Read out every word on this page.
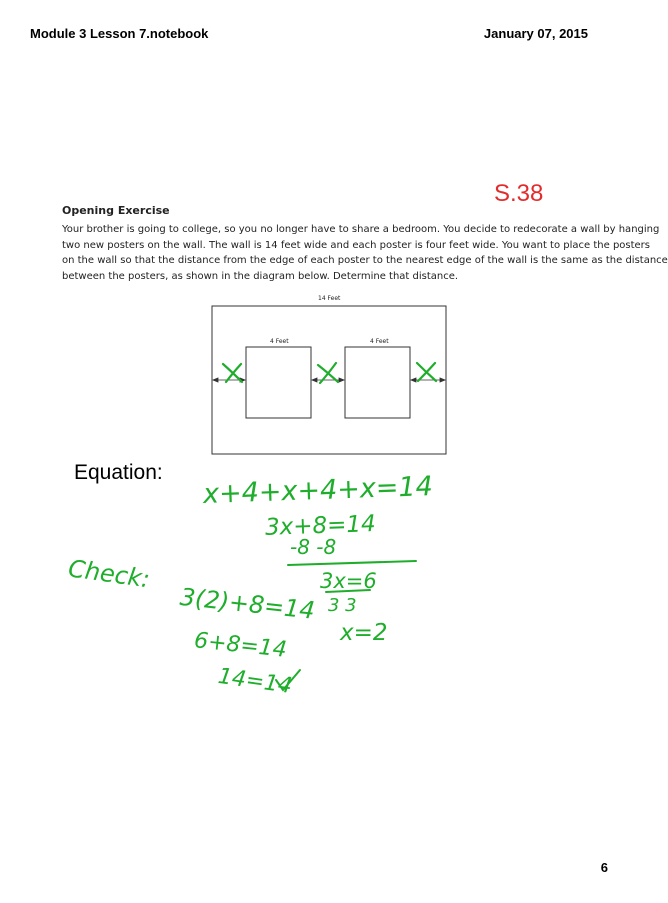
Module 3 Lesson 7.notebook	January 07, 2015
S.38
Opening Exercise

Your brother is going to college, so you no longer have to share a bedroom. You decide to redecorate a wall by hanging
two new posters on the wall. The wall is 14 feet wide and each poster is four feet wide. You want to place the posters
on the wall so that the distance from the edge of each poster to the nearest edge of the wall is the same as the distance
between the posters, as shown in the diagram below. Determine that distance.

Equation:
14 Feet
4 Feet	4 Feet
x+4+x+4+x=14
3x+8=14
-8 -8
3x=6
3 3
x=2
Check:
3(2)+8=14
6+8=14
14=14
6
